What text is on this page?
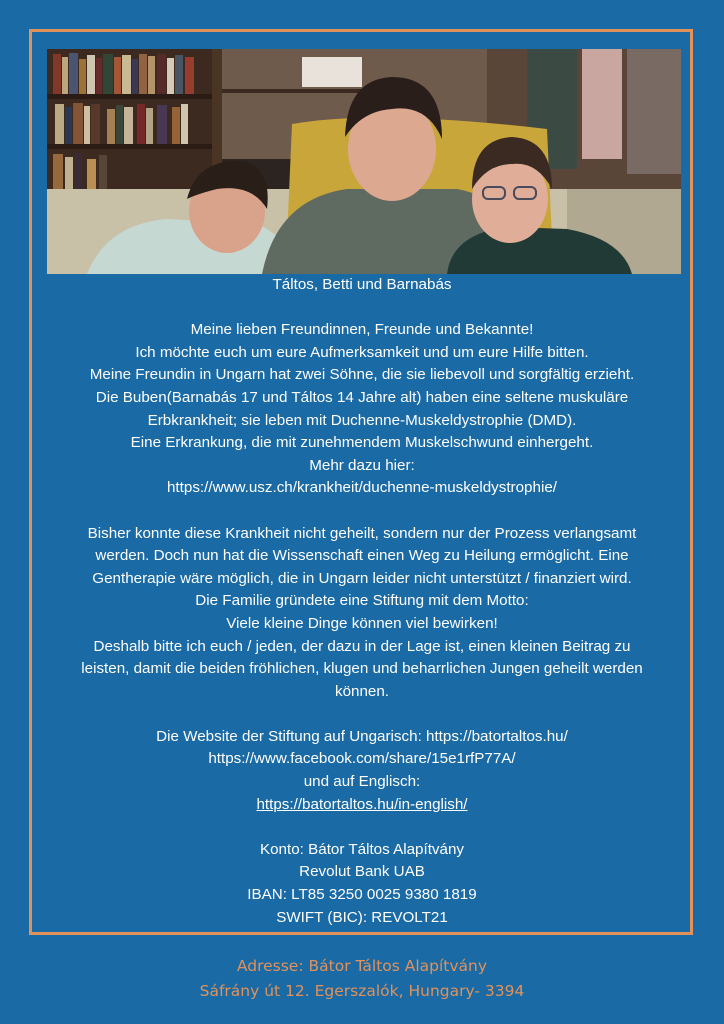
Táltos, Betti und Barnabás

Meine lieben Freundinnen, Freunde und Bekannte!

Ich möchte euch um eure Aufmerksamkeit und um eure Hilfe bitten.

Meine Freundin in Ungarn hat zwei Söhne, die sie liebevoll und sorgfältig erzieht.

Die Buben(Barnabás 17 und Táltos 14 Jahre alt) haben eine seltene muskuläre

Erbkrankheit; sie leben mit Duchenne-Muskeldystrophie (DMD).

Eine Erkrankung, die mit zunehmendem Muskelschwund einhergeht.

Mehr dazu hier:

https://www.usz.ch/krankheit/duchenne-muskeldystrophie/

Bisher konnte diese Krankheit nicht geheilt, sondern nur der Prozess verlangsamt

werden. Doch nun hat die Wissenschaft einen Weg zu Heilung ermöglicht. Eine

Gentherapie wäre möglich, die in Ungarn leider nicht unterstützt / finanziert wird.

Die Familie gründete eine Stiftung mit dem Motto:

Viele kleine Dinge können viel bewirken!

Deshalb bitte ich euch / jeden, der dazu in der Lage ist, einen kleinen Beitrag zu

leisten, damit die beiden fröhlichen, klugen und beharrlichen Jungen geheilt werden

können.

Die Website der Stiftung auf Ungarisch: https://batortaltos.hu/

https://www.facebook.com/share/15e1rfP77A/

und auf Englisch:

https://batortaltos.hu/in-english/

Konto: Bátor Táltos Alapítvány

Revolut Bank UAB

IBAN: LT85 3250 0025 9380 1819

SWIFT (BIC): REVOLT21

Adresse: Bátor Táltos Alapítvány
Sáfrány út 12. Egerszalók, Hungary- 3394
